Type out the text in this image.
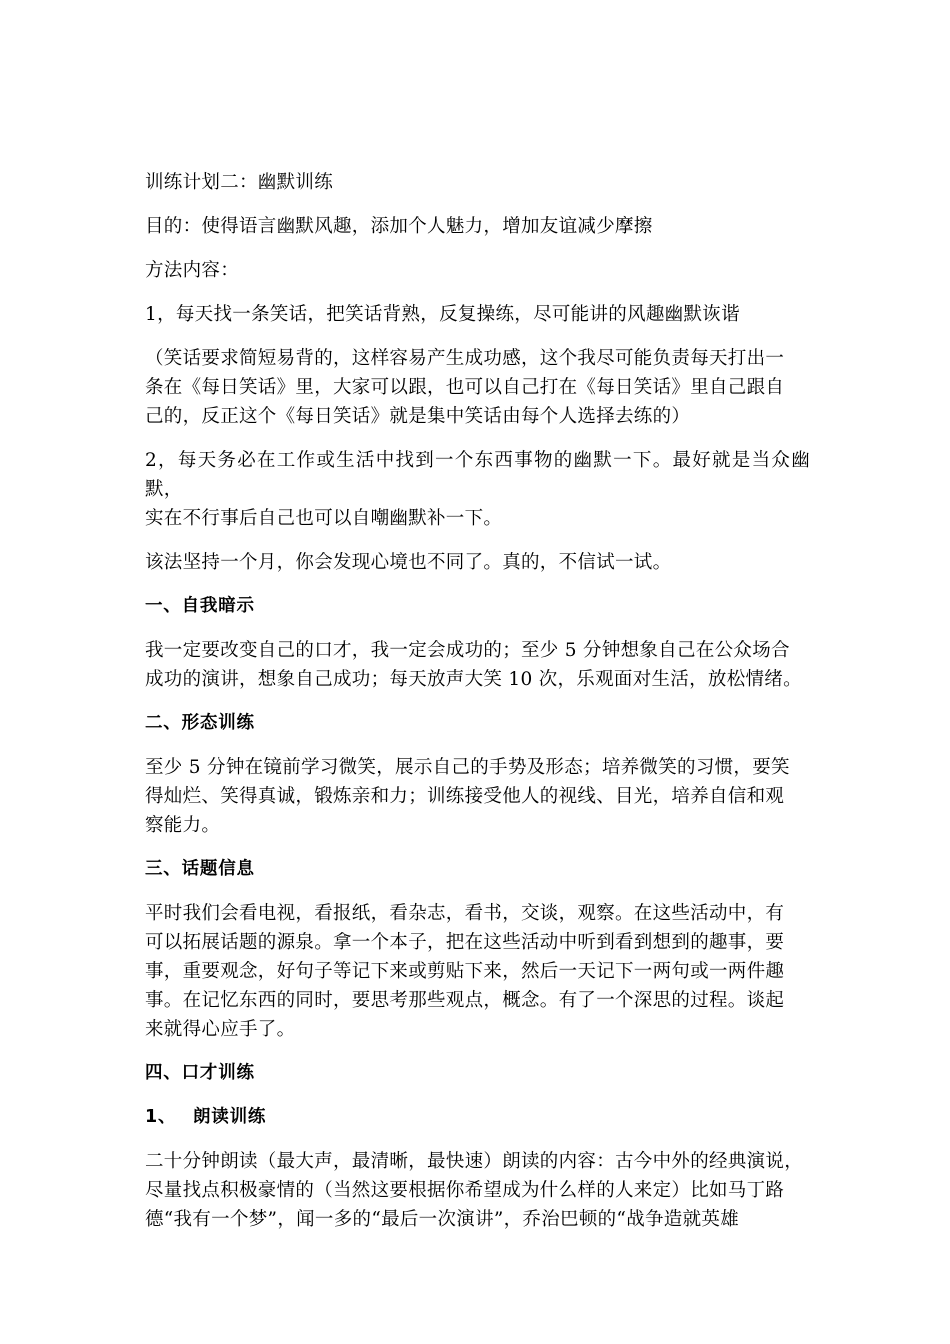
训练计划二：幽默训练
目的：使得语言幽默风趣，添加个人魅力，增加友谊减少摩擦
方法内容：
1，每天找一条笑话，把笑话背熟，反复操练，尽可能讲的风趣幽默诙谐
（笑话要求简短易背的，这样容易产生成功感，这个我尽可能负责每天打出一
条在《每日笑话》里，大家可以跟，也可以自己打在《每日笑话》里自己跟自
己的，反正这个《每日笑话》就是集中笑话由每个人选择去练的）
2，每天务必在工作或生活中找到一个东西事物的幽默一下。最好就是当众幽默，
实在不行事后自己也可以自嘲幽默补一下。
该法坚持一个月，你会发现心境也不同了。真的，不信试一试。
一、自我暗示
我一定要改变自己的口才，我一定会成功的；至少 5 分钟想象自己在公众场合
成功的演讲，想象自己成功；每天放声大笑 10 次，乐观面对生活，放松情绪。
二、形态训练
至少 5 分钟在镜前学习微笑，展示自己的手势及形态；培养微笑的习惯，要笑
得灿烂、笑得真诚，锻炼亲和力；训练接受他人的视线、目光，培养自信和观
察能力。
三、话题信息
平时我们会看电视，看报纸，看杂志，看书，交谈，观察。在这些活动中，有
可以拓展话题的源泉。拿一个本子，把在这些活动中听到看到想到的趣事，要
事，重要观念，好句子等记下来或剪贴下来，然后一天记下一两句或一两件趣
事。在记忆东西的同时，要思考那些观点，概念。有了一个深思的过程。谈起
来就得心应手了。
四、口才训练
1、 朗读训练
二十分钟朗读（最大声，最清晰，最快速）朗读的内容：古今中外的经典演说，
尽量找点积极豪情的（当然这要根据你希望成为什么样的人来定）比如马丁路
德“我有一个梦”，闻一多的“最后一次演讲”，乔治巴顿的“战争造就英雄
